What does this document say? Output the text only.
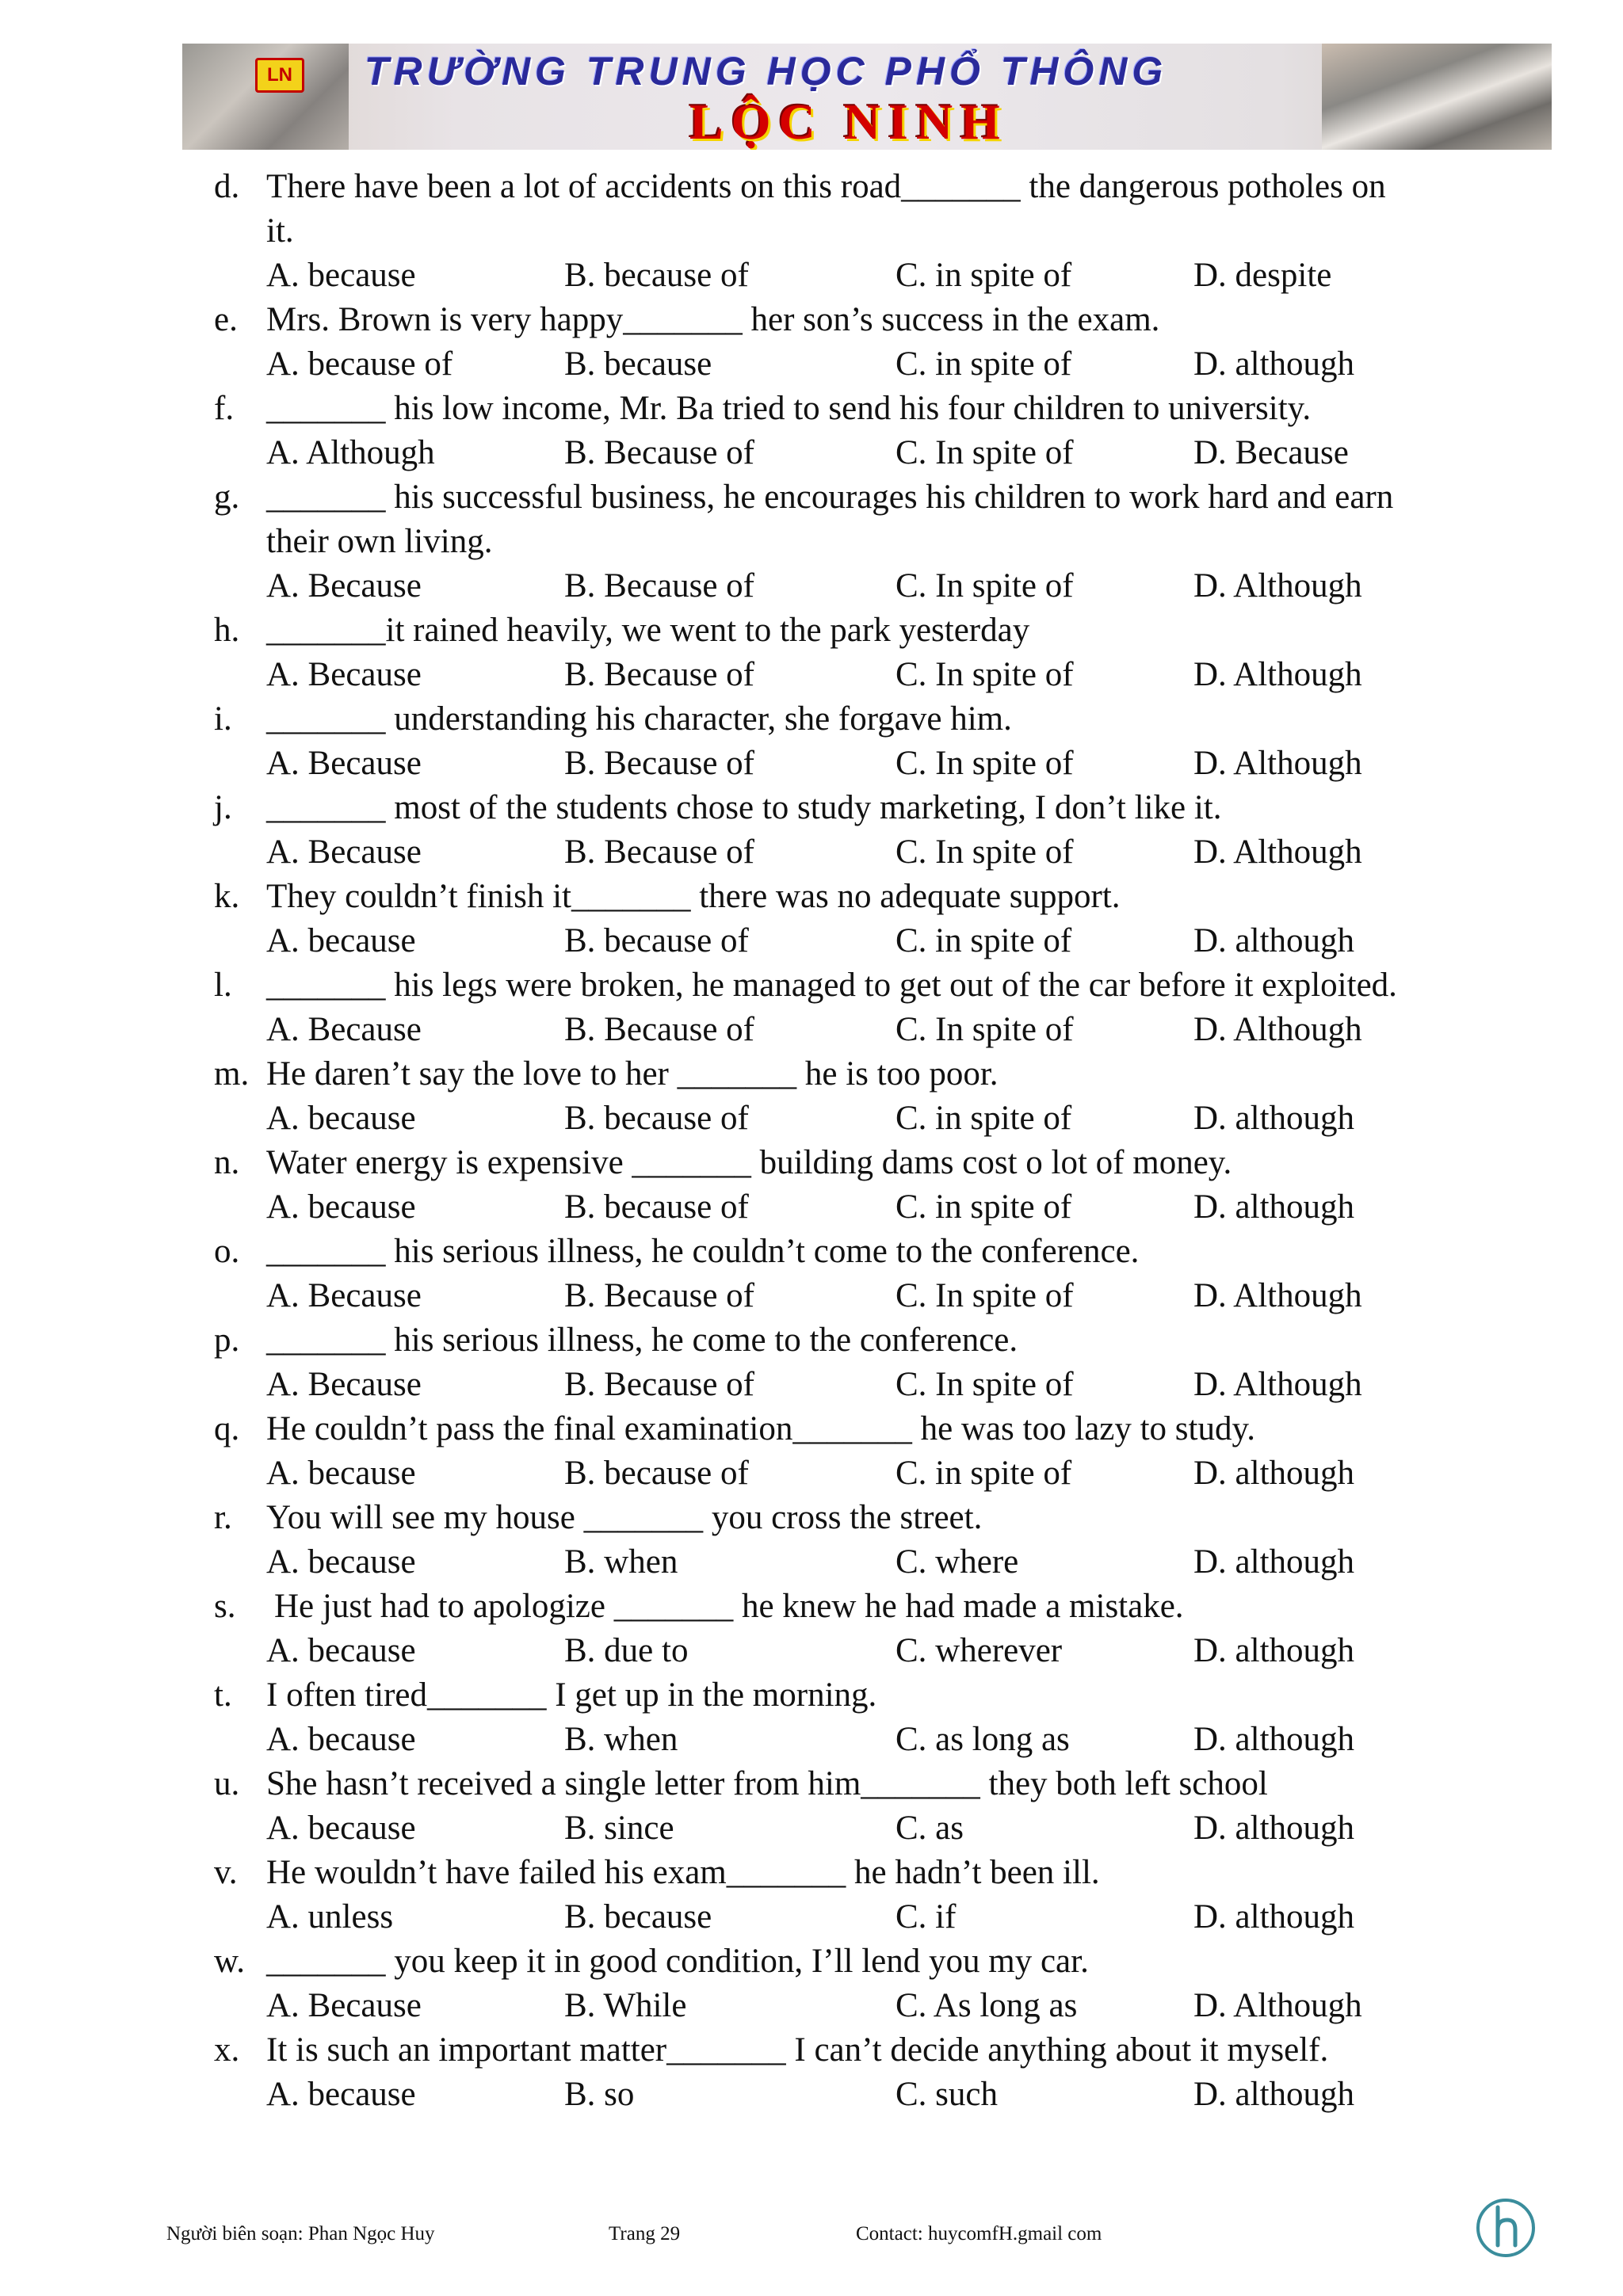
LN	TRƯỜNG TRUNG HỌC PHỔ THÔNG
LỘC NINH
d. There have been a lot of accidents on this road_______ the dangerous potholes on
it.
A. because	B. because of	C. in spite of	D. despite
e. Mrs. Brown is very happy_______ her son’s success in the exam.
A. because of	B. because	C. in spite of	D. although
f. _______ his low income, Mr. Ba tried to send his four children to university.
A. Although	B. Because of	C. In spite of	D. Because
g. _______ his successful business, he encourages his children to work hard and earn
their own living.
A. Because	B. Because of	C. In spite of	D. Although
h. _______it rained heavily, we went to the park yesterday
A. Because	B. Because of	C. In spite of	D. Although
i. _______ understanding his character, she forgave him.
A. Because	B. Because of	C. In spite of	D. Although
j. _______ most of the students chose to study marketing, I don’t like it.
A. Because	B. Because of	C. In spite of	D. Although
k. They couldn’t finish it_______ there was no adequate support.
A. because	B. because of	C. in spite of	D. although
l. _______ his legs were broken, he managed to get out of the car before it exploited.
A. Because	B. Because of	C. In spite of	D. Although
m. He daren’t say the love to her _______ he is too poor.
A. because	B. because of	C. in spite of	D. although
n. Water energy is expensive _______ building dams cost o lot of money.
A. because	B. because of	C. in spite of	D. although
o. _______ his serious illness, he couldn’t come to the conference.
A. Because	B. Because of	C. In spite of	D. Although
p. _______ his serious illness, he come to the conference.
A. Because	B. Because of	C. In spite of	D. Although
q. He couldn’t pass the final examination_______ he was too lazy to study.
A. because	B. because of	C. in spite of	D. although
r. You will see my house _______ you cross the street.
A. because	B. when	C. where	D. although
s. He just had to apologize _______ he knew he had made a mistake.
A. because	B. due to	C. wherever	D. although
t. I often tired_______ I get up in the morning.
A. because	B. when	C. as long as	D. although
u. She hasn’t received a single letter from him_______ they both left school
A. because	B. since	C. as	D. although
v. He wouldn’t have failed his exam_______ he hadn’t been ill.
A. unless	B. because	C. if	D. although
w. _______ you keep it in good condition, I’ll lend you my car.
A. Because	B. While	C. As long as	D. Although
x. It is such an important matter_______ I can’t decide anything about it myself.
A. because	B. so	C. such	D. although
Người biên soạn: Phan Ngọc Huy	Trang 29	Contact: huycomfH.gmail com
